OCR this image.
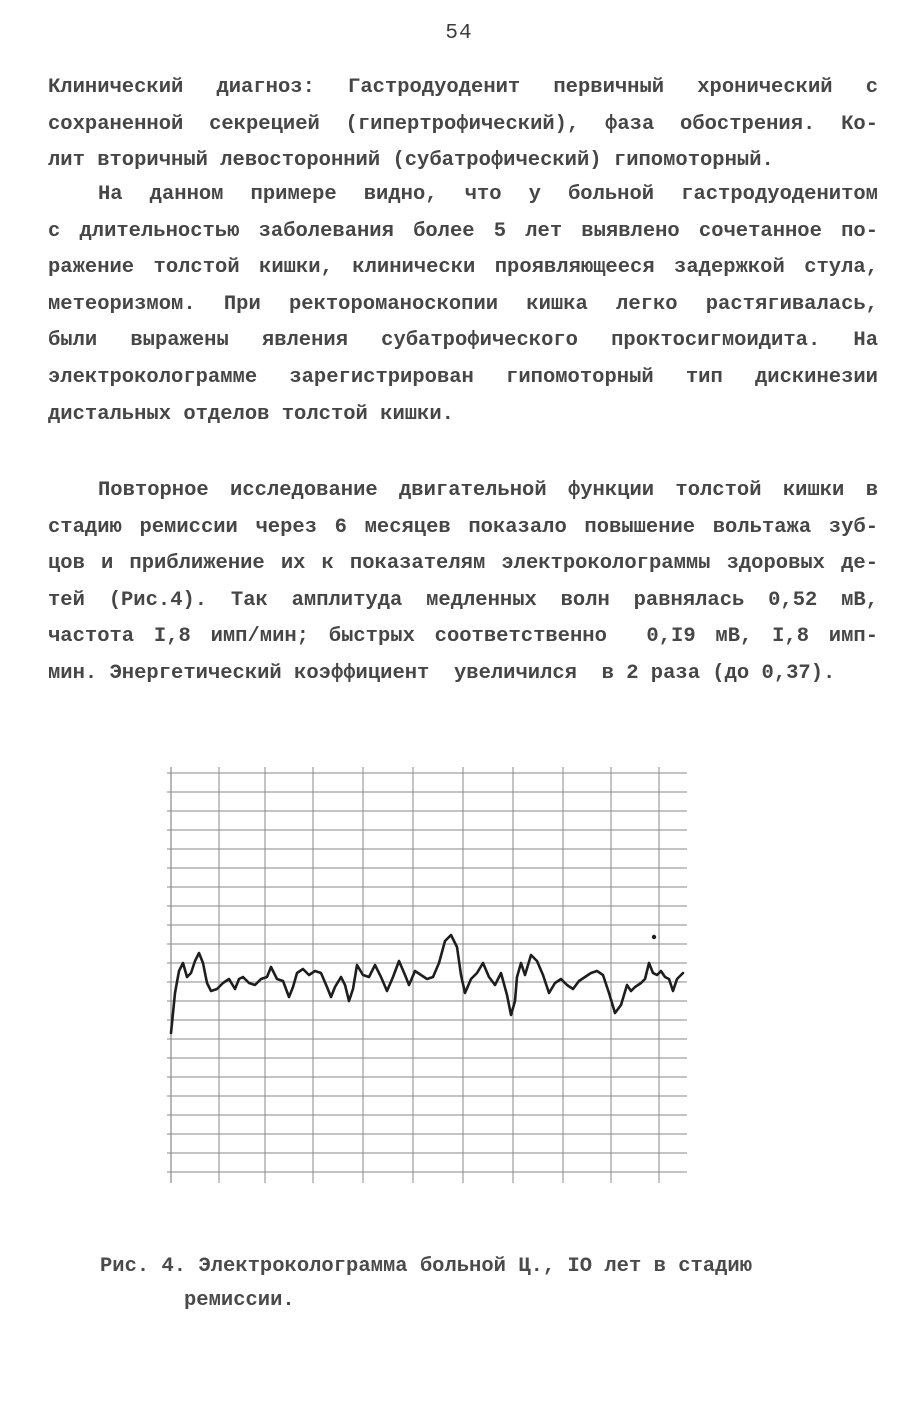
54
Клинический диагноз: Гастродуоденит первичный хронический с
сохраненной секрецией (гипертрофический), фаза обострения. Ко-
лит вторичный левосторонний (субатрофический) гипомоторный.
На данном примере видно, что у больной гастродуоденитом
с длительностью заболевания более 5 лет выявлено сочетанное по-
ражение толстой кишки, клинически проявляющееся задержкой стула,
метеоризмом. При ректороманоскопии кишка легко растягивалась,
были выражены явления субатрофического проктосигмоидита. На
электроколограмме зарегистрирован гипомоторный тип дискинезии
дистальных отделов толстой кишки.
Повторное исследование двигательной функции толстой кишки в
стадию ремиссии через 6 месяцев показало повышение вольтажа зуб-
цов и приближение их к показателям электроколограммы здоровых де-
тей (Рис.4). Так амплитуда медленных волн равнялась 0,52 мВ,
частота I,8 имп/мин; быстрых соответственно  0,I9 мВ, I,8 имп-
мин. Энергетический коэффициент  увеличился  в 2 раза (до 0,37).
Рис. 4. Электроколограмма больной Ц., IO лет в стадию
ремиссии.
